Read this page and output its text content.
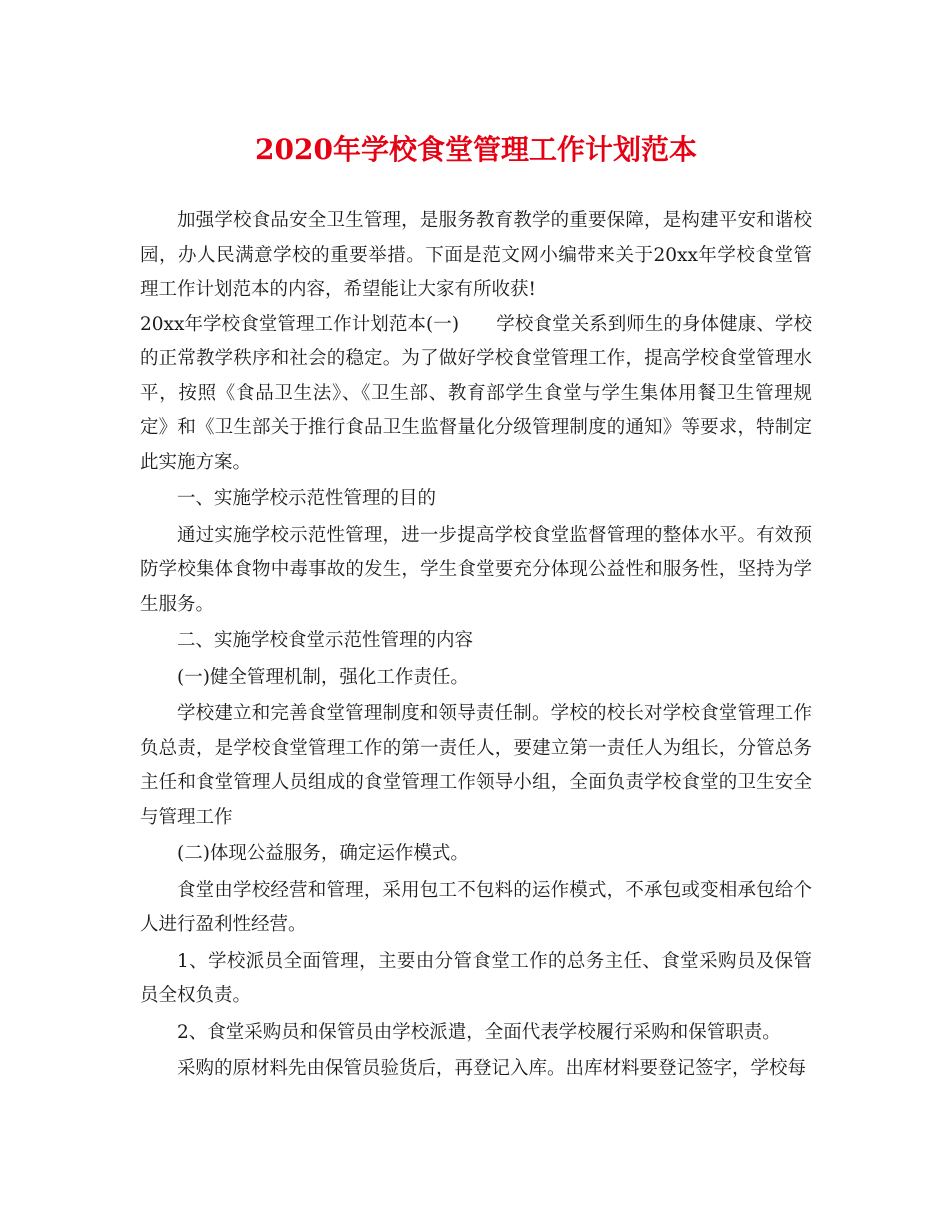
2020年学校食堂管理工作计划范本

加强学校食品安全卫生管理，是服务教育教学的重要保障，是构建平安和谐校园，办人民满意学校的重要举措。下面是范文网小编带来关于20xx年学校食堂管理工作计划范本的内容，希望能让大家有所收获!

20xx年学校食堂管理工作计划范本(一)　　学校食堂关系到师生的身体健康、学校的正常教学秩序和社会的稳定。为了做好学校食堂管理工作，提高学校食堂管理水平，按照《食品卫生法》、《卫生部、教育部学生食堂与学生集体用餐卫生管理规定》和《卫生部关于推行食品卫生监督量化分级管理制度的通知》等要求，特制定此实施方案。

一、实施学校示范性管理的目的

通过实施学校示范性管理，进一步提高学校食堂监督管理的整体水平。有效预防学校集体食物中毒事故的发生，学生食堂要充分体现公益性和服务性，坚持为学生服务。

二、实施学校食堂示范性管理的内容

(一)健全管理机制，强化工作责任。

学校建立和完善食堂管理制度和领导责任制。学校的校长对学校食堂管理工作负总责，是学校食堂管理工作的第一责任人，要建立第一责任人为组长，分管总务主任和食堂管理人员组成的食堂管理工作领导小组，全面负责学校食堂的卫生安全与管理工作

(二)体现公益服务，确定运作模式。

食堂由学校经营和管理，采用包工不包料的运作模式，不承包或变相承包给个人进行盈利性经营。

1、学校派员全面管理，主要由分管食堂工作的总务主任、食堂采购员及保管员全权负责。

2、食堂采购员和保管员由学校派遣，全面代表学校履行采购和保管职责。

采购的原材料先由保管员验货后，再登记入库。出库材料要登记签字，学校每
